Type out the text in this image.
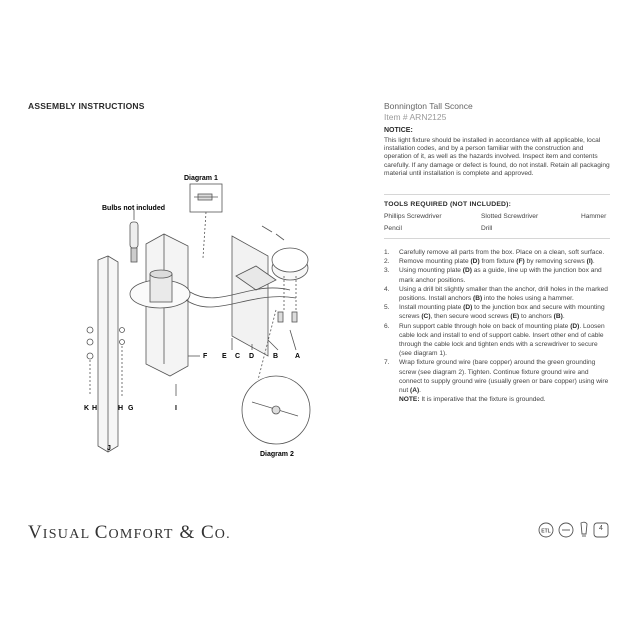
ASSEMBLY INSTRUCTIONS	Bonnington Tall Sconce
Item # ARN2125
NOTICE:
This light fixture should be installed in accordance with all applicable, local installation codes, and by a person familiar with the construction and operation of it, as well as the hazards involved. Inspect item and contents carefully. If any damage or defect is found, do not install. Retain all packaging material until installation is complete and approved.
TOOLS REQUIRED (NOT INCLUDED):
Phillips Screwdriver	Slotted Screwdriver	Hammer
Pencil	Drill
1. Carefully remove all parts from the box. Place on a clean, soft surface.
2. Remove mounting plate (D) from fixture (F) by removing screws (I).
3. Using mounting plate (D) as a guide, line up with the junction box and mark anchor positions.
4. Using a drill bit slightly smaller than the anchor, drill holes in the marked positions. Install anchors (B) into the holes using a hammer.
5. Install mounting plate (D) to the junction box and secure with mounting screws (C), then secure wood screws (E) to anchors (B).
6. Run support cable through hole on back of mounting plate (D). Loosen cable lock and install to end of support cable. Insert other end of cable through the cable lock and tighten ends with a screwdriver to secure (see diagram 1).
7. Wrap fixture ground wire (bare copper) around the green grounding screw (see diagram 2). Tighten. Continue fixture ground wire and connect to supply ground wire (usually green or bare copper) using wire nut (A).
NOTE: It is imperative that the fixture is grounded.
Diagram 1
Bulbs not included
Diagram 2
F E C D	B A
K H	H G	I
J
VISUAL COMFORT & CO.	ETL	4
